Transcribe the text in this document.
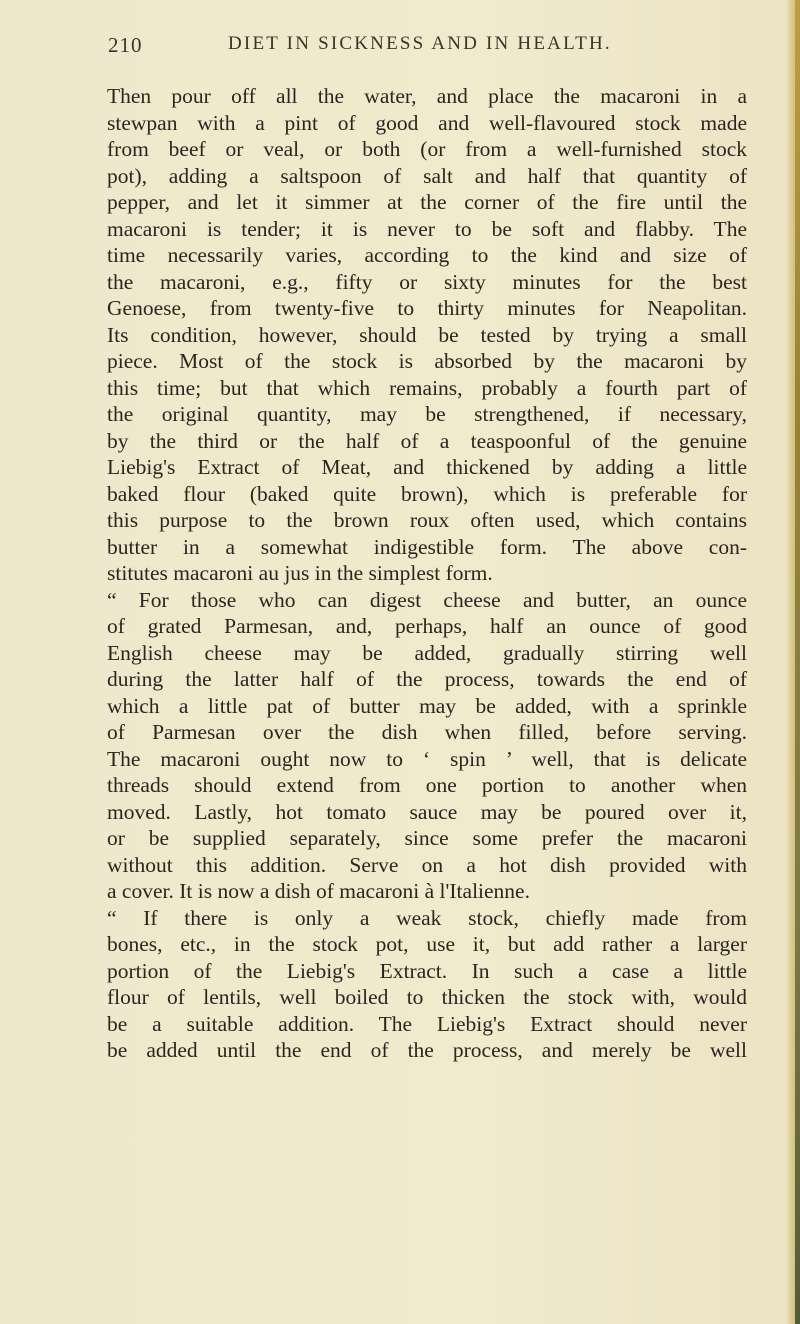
210	DIET IN SICKNESS AND IN HEALTH.
Then pour off all the water, and place the macaroni in a
stewpan with a pint of good and well-flavoured stock made
from beef or veal, or both (or from a well-furnished stock
pot), adding a saltspoon of salt and half that quantity of
pepper, and let it simmer at the corner of the fire until the
macaroni is tender; it is never to be soft and flabby. The
time necessarily varies, according to the kind and size of
the macaroni, e.g., fifty or sixty minutes for the best
Genoese, from twenty-five to thirty minutes for Neapolitan.
Its condition, however, should be tested by trying a small
piece. Most of the stock is absorbed by the macaroni by
this time; but that which remains, probably a fourth part of
the original quantity, may be strengthened, if necessary,
by the third or the half of a teaspoonful of the genuine
Liebig's Extract of Meat, and thickened by adding a little
baked flour (baked quite brown), which is preferable for
this purpose to the brown roux often used, which contains
butter in a somewhat indigestible form. The above con-
stitutes macaroni au jus in the simplest form.
“ For those who can digest cheese and butter, an ounce
of grated Parmesan, and, perhaps, half an ounce of good
English cheese may be added, gradually stirring well
during the latter half of the process, towards the end of
which a little pat of butter may be added, with a sprinkle
of Parmesan over the dish when filled, before serving.
The macaroni ought now to ‘ spin ’ well, that is delicate
threads should extend from one portion to another when
moved. Lastly, hot tomato sauce may be poured over it,
or be supplied separately, since some prefer the macaroni
without this addition. Serve on a hot dish provided with
a cover. It is now a dish of macaroni à l'Italienne.
“ If there is only a weak stock, chiefly made from
bones, etc., in the stock pot, use it, but add rather a larger
portion of the Liebig's Extract. In such a case a little
flour of lentils, well boiled to thicken the stock with, would
be a suitable addition. The Liebig's Extract should never
be added until the end of the process, and merely be well
